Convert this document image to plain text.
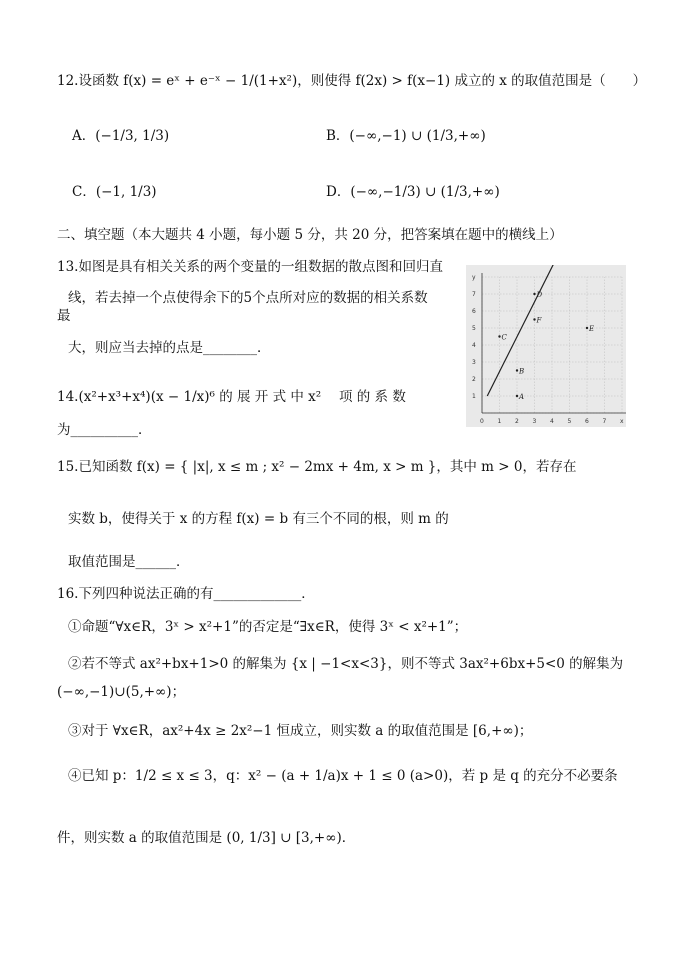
12.设函数 f(x) = eˣ + e⁻ˣ − 1/(1+x²)，则使得 f(2x) > f(x−1) 成立的 x 的取值范围是（　　）
A．(−1/3, 1/3)	B．(−∞,−1) ∪ (1/3,+∞)
C．(−1, 1/3)	D．(−∞,−1/3) ∪ (1/3,+∞)
二、填空题（本大题共 4 小题，每小题 5 分，共 20 分，把答案填在题中的横线上）
13.如图是具有相关关系的两个变量的一组数据的散点图和回归直
线，若去掉一个点使得余下的5个点所对应的数据的相关系数
最
大，则应当去掉的点是________．
0 1 2 3 4 5 6 7 x
1
2
3
4
5
6
7
y
A
B
C
D
E
F
14.(x²+x³+x⁴)(x − 1/x)⁶ 的 展 开 式 中 x² 　项 的 系 数
为__________．
15.已知函数 f(x) = { |x|, x ≤ m ; x² − 2mx + 4m, x > m }，其中 m > 0，若存在
实数 b，使得关于 x 的方程 f(x) = b 有三个不同的根，则 m 的
取值范围是______．
16.下列四种说法正确的有_____________．
①命题“∀x∈R，3ˣ > x²+1”的否定是“∃x∈R，使得 3ˣ < x²+1”；
②若不等式 ax²+bx+1>0 的解集为 {x | −1<x<3}，则不等式 3ax²+6bx+5<0 的解集为
(−∞,−1)∪(5,+∞)；
③对于 ∀x∈R，ax²+4x ≥ 2x²−1 恒成立，则实数 a 的取值范围是 [6,+∞)；
④已知 p：1/2 ≤ x ≤ 3，q：x² − (a + 1/a)x + 1 ≤ 0 (a>0)，若 p 是 q 的充分不必要条
件，则实数 a 的取值范围是 (0, 1/3] ∪ [3,+∞)．
